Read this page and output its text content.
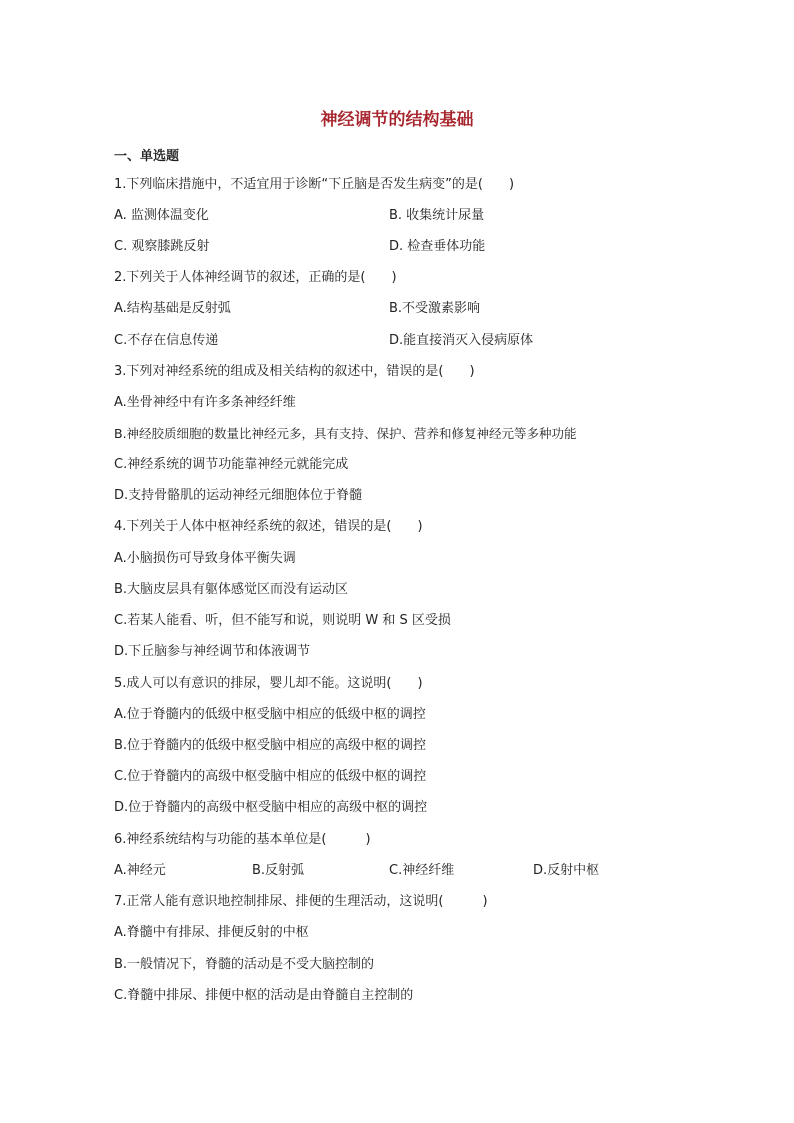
神经调节的结构基础
一、单选题
1.下列临床措施中，不适宜用于诊断“下丘脑是否发生病变”的是(　　)
A. 监测体温变化	B. 收集统计尿量
C. 观察膝跳反射	D. 检查垂体功能
2.下列关于人体神经调节的叙述，正确的是(　　)
A.结构基础是反射弧	B.不受激素影响
C.不存在信息传递	D.能直接消灭入侵病原体
3.下列对神经系统的组成及相关结构的叙述中，错误的是(　　)
A.坐骨神经中有许多条神经纤维
B.神经胶质细胞的数量比神经元多，具有支持、保护、营养和修复神经元等多种功能
C.神经系统的调节功能靠神经元就能完成
D.支持骨骼肌的运动神经元细胞体位于脊髓
4.下列关于人体中枢神经系统的叙述，错误的是(　　)
A.小脑损伤可导致身体平衡失调
B.大脑皮层具有躯体感觉区而没有运动区
C.若某人能看、听，但不能写和说，则说明 W 和 S 区受损
D.下丘脑参与神经调节和体液调节
5.成人可以有意识的排尿，婴儿却不能。这说明(　　)
A.位于脊髓内的低级中枢受脑中相应的低级中枢的调控
B.位于脊髓内的低级中枢受脑中相应的高级中枢的调控
C.位于脊髓内的高级中枢受脑中相应的低级中枢的调控
D.位于脊髓内的高级中枢受脑中相应的高级中枢的调控
6.神经系统结构与功能的基本单位是(　　　)
A.神经元	B.反射弧	C.神经纤维	D.反射中枢
7.正常人能有意识地控制排尿、排便的生理活动，这说明(　　　)
A.脊髓中有排尿、排便反射的中枢
B.一般情况下，脊髓的活动是不受大脑控制的
C.脊髓中排尿、排便中枢的活动是由脊髓自主控制的
